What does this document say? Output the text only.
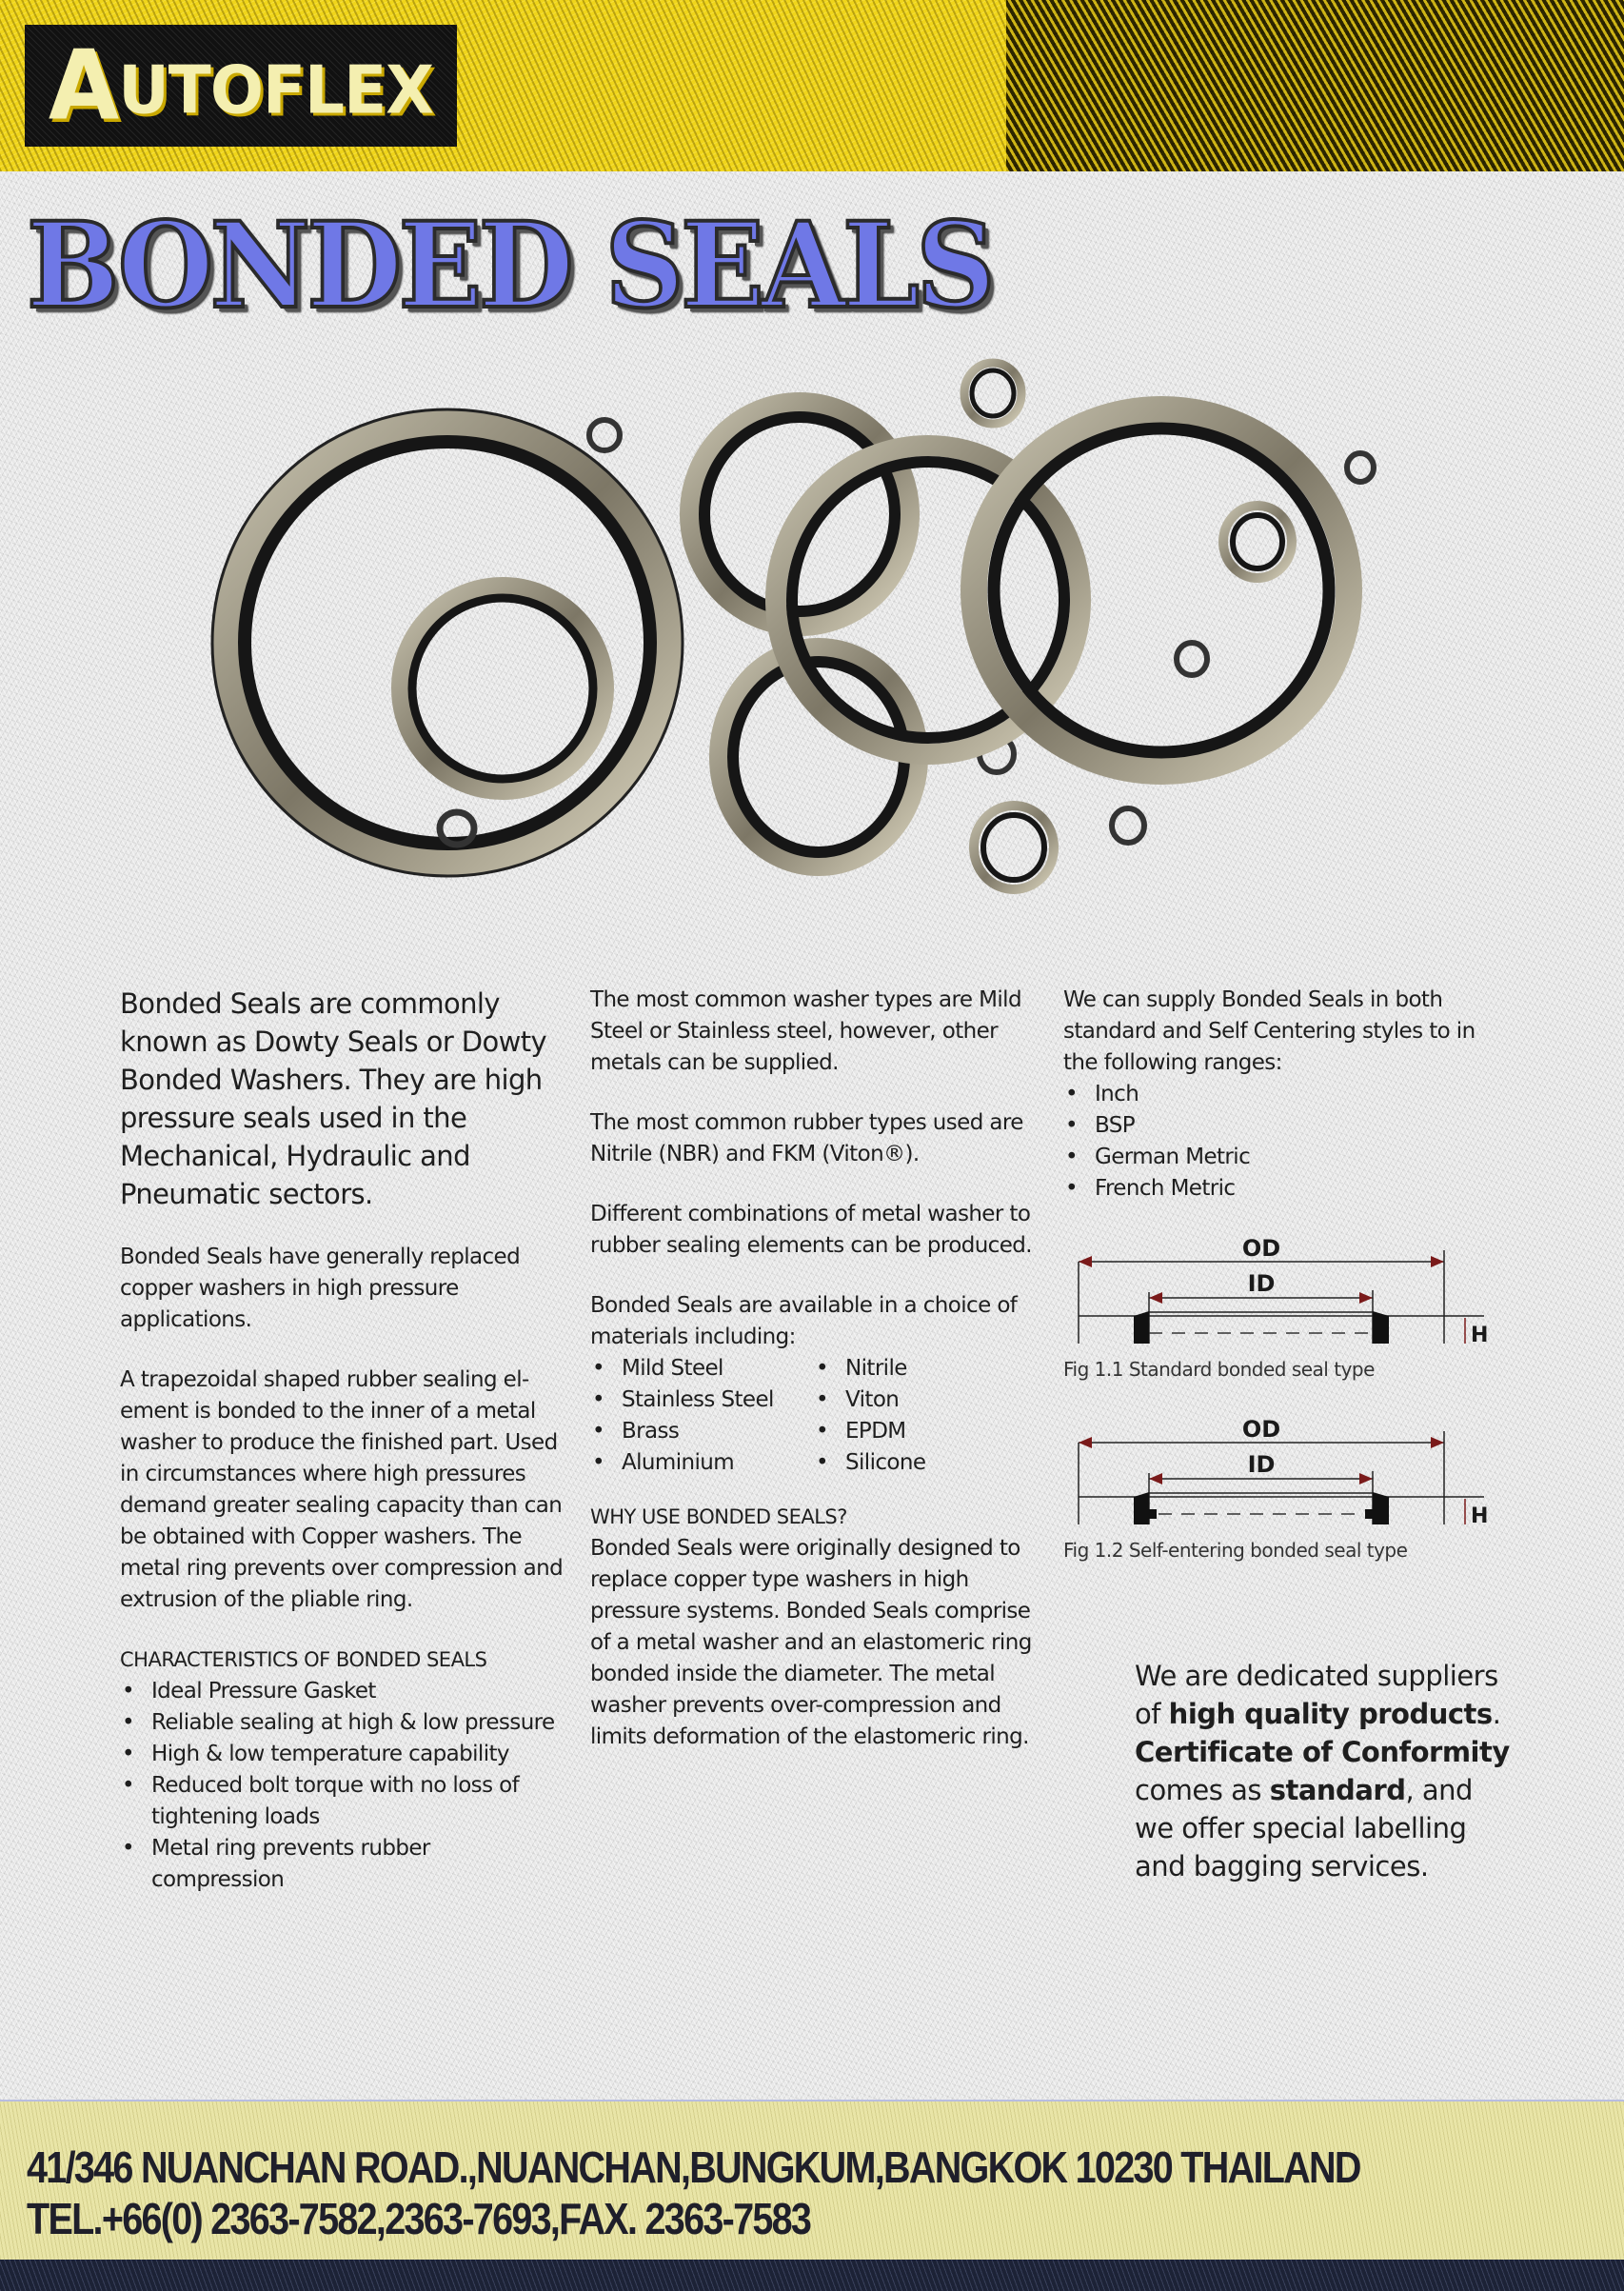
AUTOFLEX
BONDED SEALS

Bonded Seals are commonly known as Dowty Seals or Dowty Bonded Washers. They are high pressure seals used in the Mechanical, Hydraulic and Pneumatic sectors.

Bonded Seals have generally replaced copper washers in high pressure applications.

A trapezoidal shaped rubber sealing el-ement is bonded to the inner of a metal washer to produce the finished part. Used in circumstances where high pressures demand greater sealing capacity than can be obtained with Copper washers. The metal ring prevents over compression and extrusion of the pliable ring.

CHARACTERISTICS OF BONDED SEALS
• Ideal Pressure Gasket
• Reliable sealing at high & low pressure
• High & low temperature capability
• Reduced bolt torque with no loss of tightening loads
• Metal ring prevents rubber compression

The most common washer types are Mild Steel or Stainless steel, however, other metals can be supplied.

The most common rubber types used are Nitrile (NBR) and FKM (Viton®).

Different combinations of metal washer to rubber sealing elements can be produced.

Bonded Seals are available in a choice of materials including:
• Mild Steel
• Stainless Steel
• Brass
• Aluminium
• Nitrile
• Viton
• EPDM
• Silicone
WHY USE BONDED SEALS?
Bonded Seals were originally designed to replace copper type washers in high pressure systems. Bonded Seals comprise of a metal washer and an elastomeric ring bonded inside the diameter. The metal washer prevents over-compression and limits deformation of the elastomeric ring.
We can supply Bonded Seals in both standard and Self Centering styles to in the following ranges:
• Inch
• BSP
• German Metric
• French Metric
OD
ID
H
Fig 1.1 Standard bonded seal type
OD
ID
H
Fig 1.2 Self-entering bonded seal type
We are dedicated suppliers of high quality products. Certificate of Conformity comes as standard, and we offer special labelling and bagging services.
41/346 NUANCHAN ROAD.,NUANCHAN,BUNGKUM,BANGKOK 10230 THAILAND
TEL.+66(0) 2363-7582,2363-7693,FAX. 2363-7583
